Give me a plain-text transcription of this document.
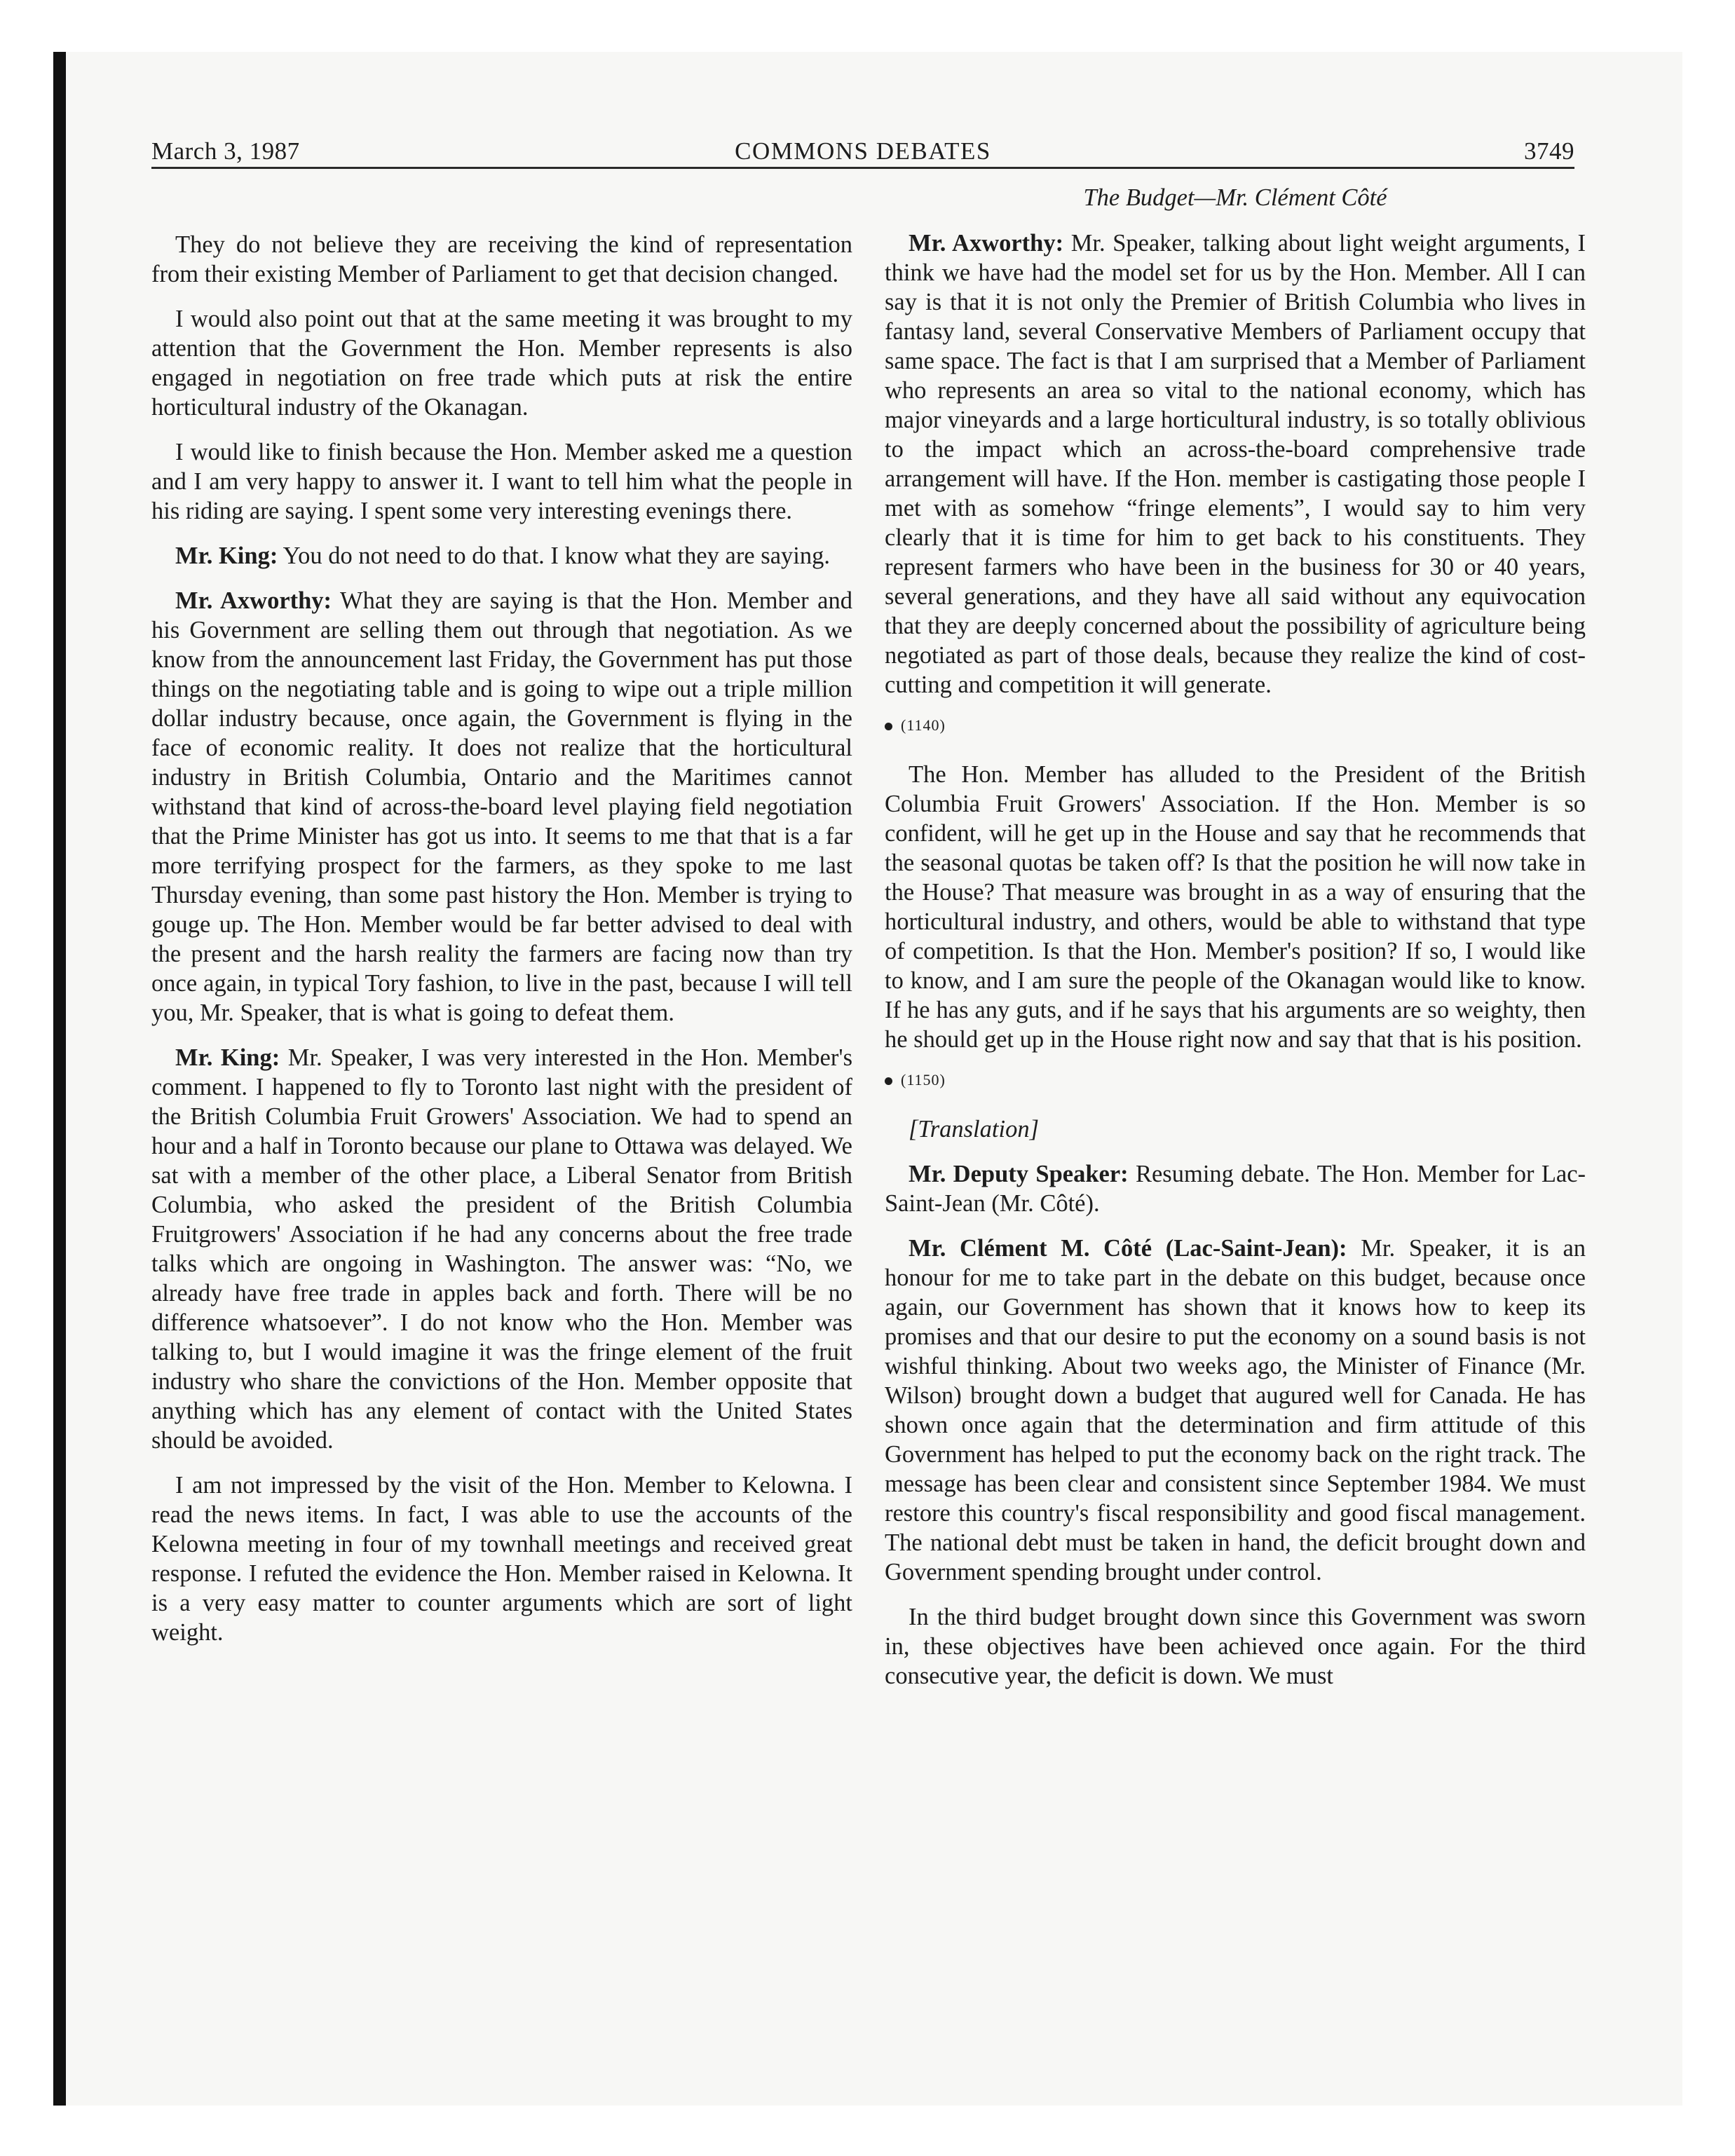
March 3, 1987	COMMONS DEBATES	3749

They do not believe they are receiving the kind of representation from their existing Member of Parliament to get that decision changed.

I would also point out that at the same meeting it was brought to my attention that the Government the Hon. Member represents is also engaged in negotiation on free trade which puts at risk the entire horticultural industry of the Okanagan.

I would like to finish because the Hon. Member asked me a question and I am very happy to answer it. I want to tell him what the people in his riding are saying. I spent some very interesting evenings there.

Mr. King: You do not need to do that. I know what they are saying.

Mr. Axworthy: What they are saying is that the Hon. Member and his Government are selling them out through that negotiation. As we know from the announcement last Friday, the Government has put those things on the negotiating table and is going to wipe out a triple million dollar industry because, once again, the Government is flying in the face of economic reality. It does not realize that the horticultural industry in British Columbia, Ontario and the Maritimes cannot withstand that kind of across-the-board level playing field negotiation that the Prime Minister has got us into. It seems to me that that is a far more terrifying prospect for the farmers, as they spoke to me last Thursday evening, than some past history the Hon. Member is trying to gouge up. The Hon. Member would be far better advised to deal with the present and the harsh reality the farmers are facing now than try once again, in typical Tory fashion, to live in the past, because I will tell you, Mr. Speaker, that is what is going to defeat them.

Mr. King: Mr. Speaker, I was very interested in the Hon. Member's comment. I happened to fly to Toronto last night with the president of the British Columbia Fruit Growers' Association. We had to spend an hour and a half in Toronto because our plane to Ottawa was delayed. We sat with a member of the other place, a Liberal Senator from British Columbia, who asked the president of the British Columbia Fruitgrowers' Association if he had any concerns about the free trade talks which are ongoing in Washington. The answer was: “No, we already have free trade in apples back and forth. There will be no difference whatsoever”. I do not know who the Hon. Member was talking to, but I would imagine it was the fringe element of the fruit industry who share the convictions of the Hon. Member opposite that anything which has any element of contact with the United States should be avoided.

I am not impressed by the visit of the Hon. Member to Kelowna. I read the news items. In fact, I was able to use the accounts of the Kelowna meeting in four of my townhall meetings and received great response. I refuted the evidence the Hon. Member raised in Kelowna. It is a very easy matter to counter arguments which are sort of light weight.

The Budget—Mr. Clément Côté

Mr. Axworthy: Mr. Speaker, talking about light weight arguments, I think we have had the model set for us by the Hon. Member. All I can say is that it is not only the Premier of British Columbia who lives in fantasy land, several Conservative Members of Parliament occupy that same space. The fact is that I am surprised that a Member of Parliament who represents an area so vital to the national economy, which has major vineyards and a large horticultural industry, is so totally oblivious to the impact which an across-the-board comprehensive trade arrangement will have. If the Hon. member is castigating those people I met with as somehow “fringe elements”, I would say to him very clearly that it is time for him to get back to his constituents. They represent farmers who have been in the business for 30 or 40 years, several generations, and they have all said without any equivocation that they are deeply concerned about the possibility of agriculture being negotiated as part of those deals, because they realize the kind of cost-cutting and competition it will generate.

(1140)

The Hon. Member has alluded to the President of the British Columbia Fruit Growers' Association. If the Hon. Member is so confident, will he get up in the House and say that he recommends that the seasonal quotas be taken off? Is that the position he will now take in the House? That measure was brought in as a way of ensuring that the horticultural industry, and others, would be able to withstand that type of competition. Is that the Hon. Member's position? If so, I would like to know, and I am sure the people of the Okanagan would like to know. If he has any guts, and if he says that his arguments are so weighty, then he should get up in the House right now and say that that is his position.

(1150)

[Translation]

Mr. Deputy Speaker: Resuming debate. The Hon. Member for Lac-Saint-Jean (Mr. Côté).

Mr. Clément M. Côté (Lac-Saint-Jean): Mr. Speaker, it is an honour for me to take part in the debate on this budget, because once again, our Government has shown that it knows how to keep its promises and that our desire to put the economy on a sound basis is not wishful thinking. About two weeks ago, the Minister of Finance (Mr. Wilson) brought down a budget that augured well for Canada. He has shown once again that the determination and firm attitude of this Government has helped to put the economy back on the right track. The message has been clear and consistent since September 1984. We must restore this country's fiscal responsibility and good fiscal management. The national debt must be taken in hand, the deficit brought down and Government spending brought under control.

In the third budget brought down since this Government was sworn in, these objectives have been achieved once again. For the third consecutive year, the deficit is down. We must
